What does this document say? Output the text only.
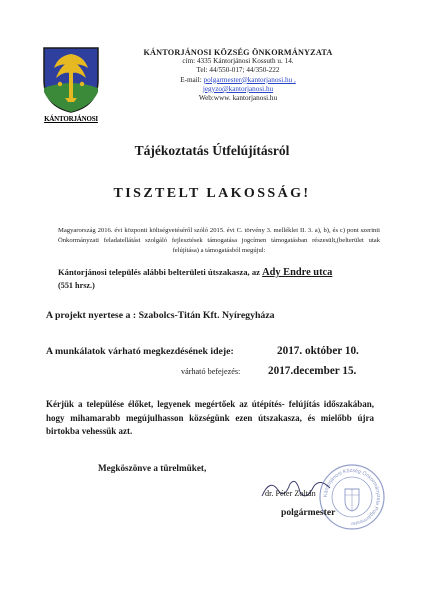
KÁNTORJÁNOSI
KÁNTORJÁNOSI KÖZSÉG ÖNKORMÁNYZATA
cím: 4335 Kántorjánosi Kossuth u. 14.
Tel: 44/550-017; 44/350-222
E-mail: polgarmester@kantorjanosi.hu ,
jegyzo@kantorjanosi.hu
Web:www. kantorjanosi.hu
Tájékoztatás Útfelújításról
TISZTELT LAKOSSÁG!
Magyarország 2016. évi központi költségvetéséről szóló 2015. évi C. törvény 3. melléklet II. 3. a), b), és c) pont szerinti Önkormányzati feladatellátást szolgáló fejlesztések támogatása jogcímen támogatásban részesült,(belterület utak felújítása) a támogatásból megújul:
Kántorjánosi település alábbi belterületi útszakasza, az Ady Endre utca
(551 hrsz.)
A projekt nyertese a : Szabolcs-Titán Kft. Nyíregyháza
A munkálatok várható megkezdésének ideje:	2017. október 10.
várható befejezés: 2017.december 15.
Kérjük a települése élőket, legyenek megértőek az útépítés- felújítás időszakában, hogy mihamarabb megújulhasson községünk ezen útszakasza, és mielőbb újra birtokba vehessük azt.
Megköszönve a türelmüket,
Kántorjánosi Község Önkormányzata Polgármester
dr. Péter Zoltán
polgármester
